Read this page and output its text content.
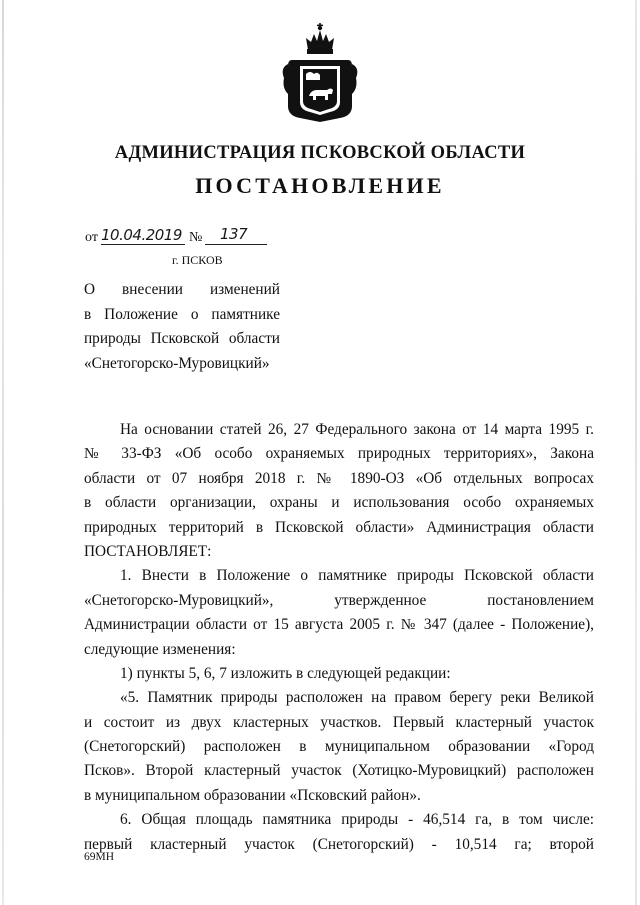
АДМИНИСТРАЦИЯ ПСКОВСКОЙ ОБЛАСТИ
ПОСТАНОВЛЕНИЕ
от 10.04.2019 № 137
г. ПСКОВ
О внесении изменений
в Положение о памятнике
природы Псковской области
«Снетогорско-Муровицкий»
На основании статей 26, 27 Федерального закона от 14 марта 1995 г.
№ 33-ФЗ «Об особо охраняемых природных территориях», Закона
области от 07 ноября 2018 г. № 1890-ОЗ «Об отдельных вопросах
в области организации, охраны и использования особо охраняемых
природных территорий в Псковской области» Администрация области
ПОСТАНОВЛЯЕТ:
1. Внести в Положение о памятнике природы Псковской области
«Снетогорско-Муровицкий», утвержденное постановлением
Администрации области от 15 августа 2005 г. № 347 (далее - Положение),
следующие изменения:
1) пункты 5, 6, 7 изложить в следующей редакции:
«5. Памятник природы расположен на правом берегу реки Великой
и состоит из двух кластерных участков. Первый кластерный участок
(Снетогорский) расположен в муниципальном образовании «Город
Псков». Второй кластерный участок (Хотицко-Муровицкий) расположен
в муниципальном образовании «Псковский район».
6. Общая площадь памятника природы - 46,514 га, в том числе:
первый кластерный участок (Снетогорский) - 10,514 га; второй
69МН
